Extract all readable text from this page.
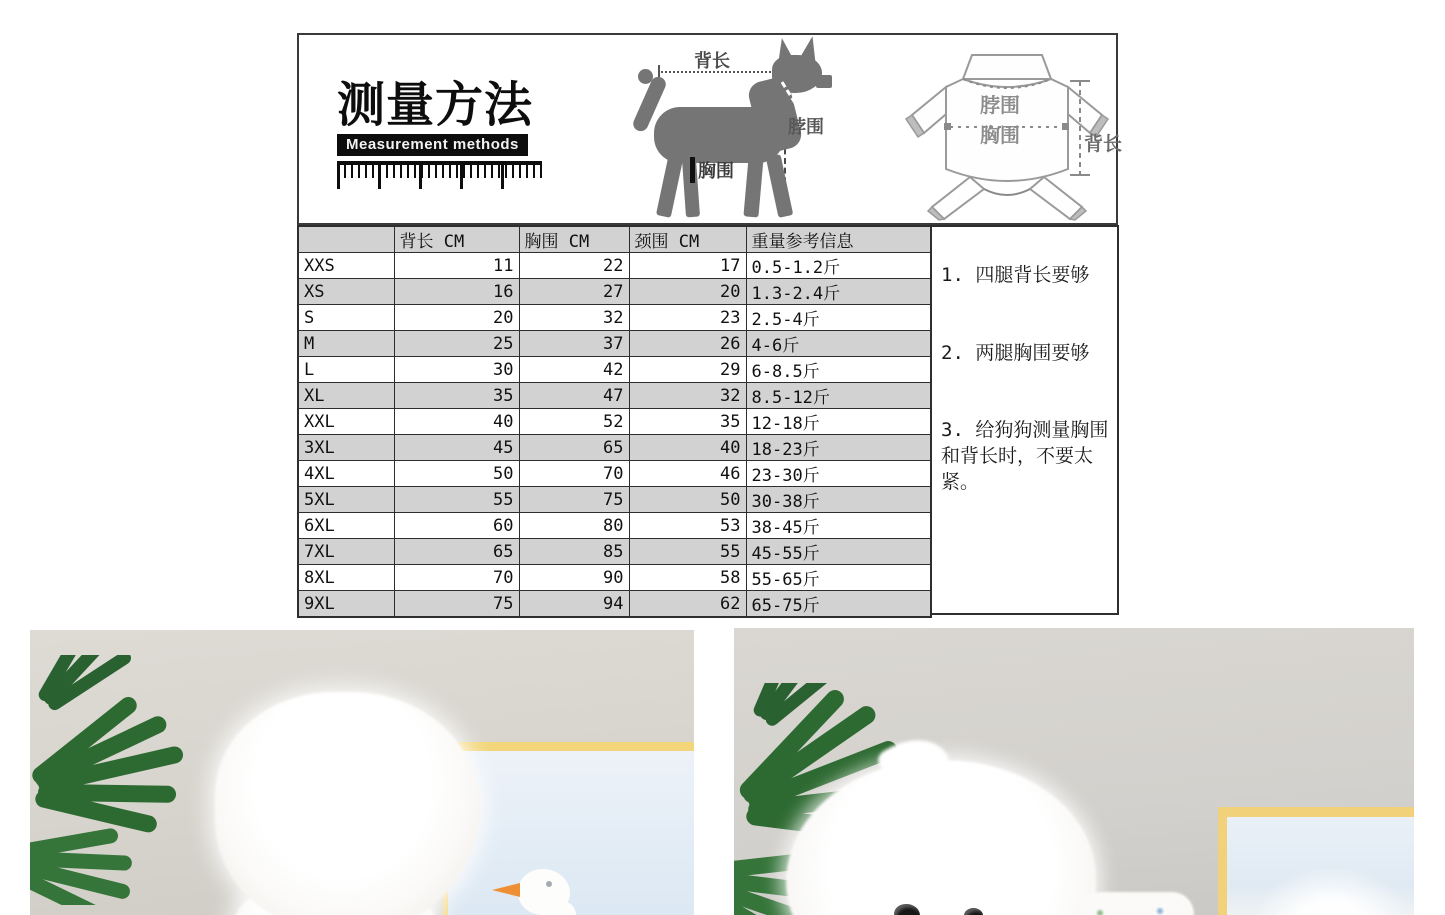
测量方法
Measurement methods
背长
脖围
胸围
脖围
胸围	背长
	背长 CM	胸围 CM	颈围 CM	重量参考信息
XXS	11	22	17	0.5-1.2斤
XS	16	27	20	1.3-2.4斤
S	20	32	23	2.5-4斤
M	25	37	26	4-6斤
L	30	42	29	6-8.5斤
XL	35	47	32	8.5-12斤
XXL	40	52	35	12-18斤
3XL	45	65	40	18-23斤
4XL	50	70	46	23-30斤
5XL	55	75	50	30-38斤
6XL	60	80	53	38-45斤
7XL	65	85	55	45-55斤
8XL	70	90	58	55-65斤
9XL	75	94	62	65-75斤
1. 四腿背长要够
2. 两腿胸围要够
3. 给狗狗测量胸围和背长时，不要太紧。
